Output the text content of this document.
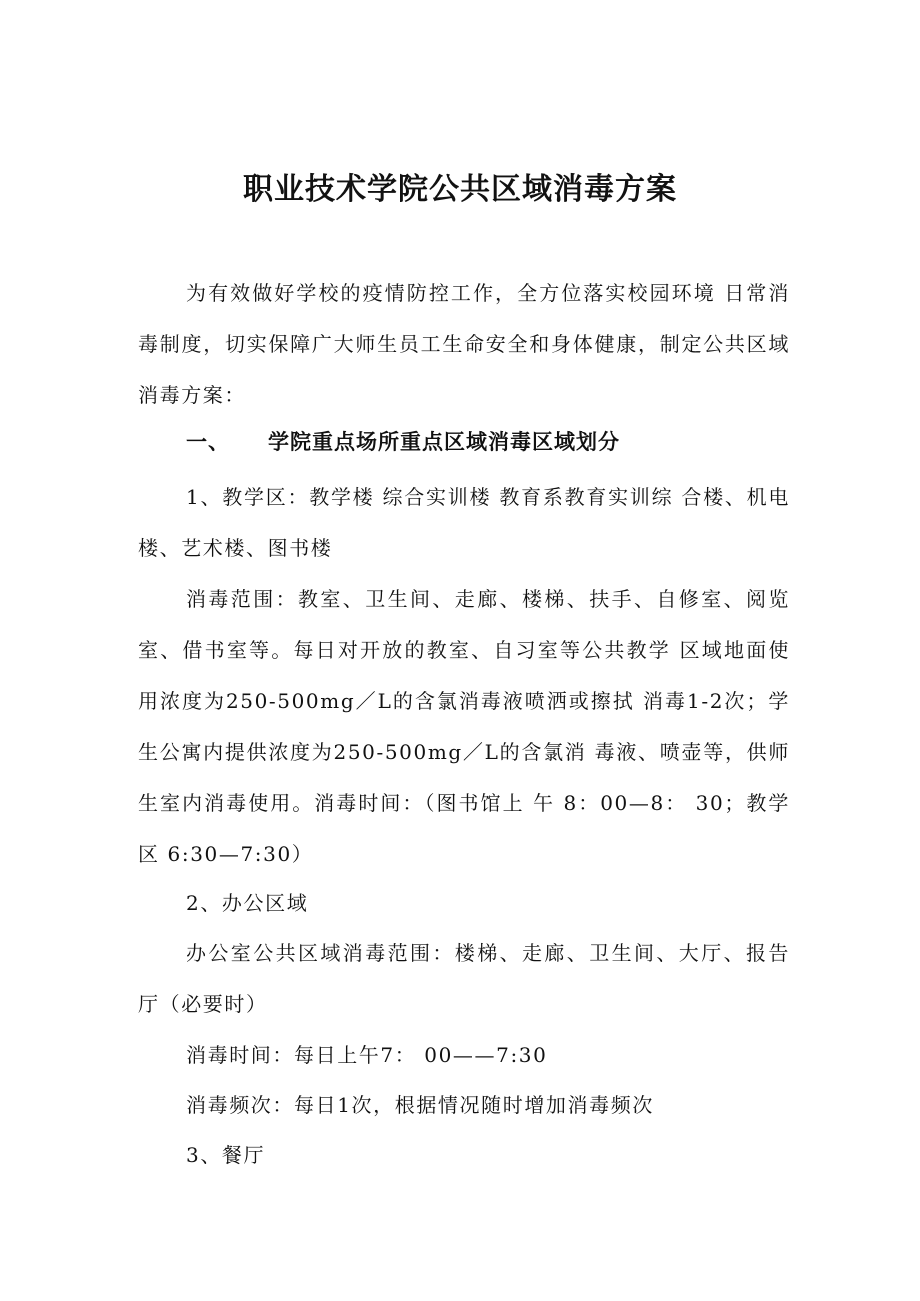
职业技术学院公共区域消毒方案
为有效做好学校的疫情防控工作，全方位落实校园环境 日常消毒制度，切实保障广大师生员工生命安全和身体健康，制定公共区域消毒方案：
一、 学院重点场所重点区域消毒区域划分
1、教学区：教学楼 综合实训楼 教育系教育实训综 合楼、机电楼、艺术楼、图书楼
消毒范围：教室、卫生间、走廊、楼梯、扶手、自修室、阅览室、借书室等。每日对开放的教室、自习室等公共教学 区域地面使用浓度为250-500mg／L的含氯消毒液喷洒或擦拭 消毒1-2次；学生公寓内提供浓度为250-500mg／L的含氯消 毒液、喷壶等，供师生室内消毒使用。消毒时间：（图书馆上 午 8：00—8： 30；教学区 6:30—7:30）
2、办公区域
办公室公共区域消毒范围：楼梯、走廊、卫生间、大厅、报告厅（必要时）
消毒时间：每日上午7： 00——7:30
消毒频次：每日1次，根据情况随时增加消毒频次
3、餐厅
